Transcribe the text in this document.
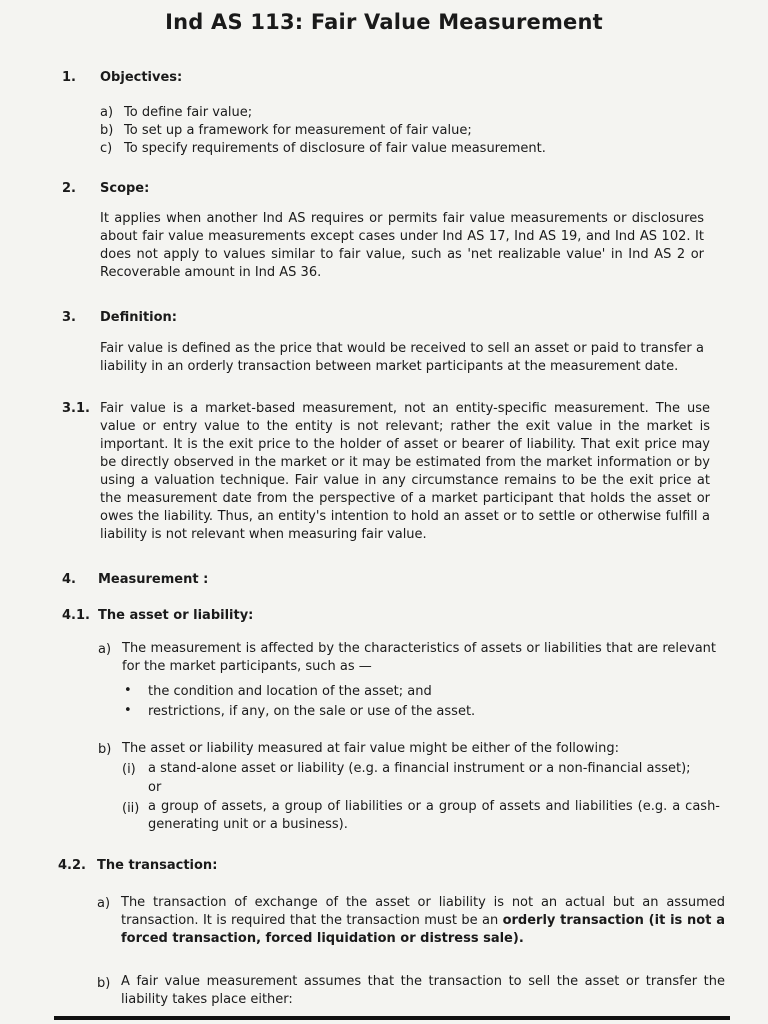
Ind AS 113: Fair Value Measurement
1. Objectives:
a) To define fair value;
b) To set up a framework for measurement of fair value;
c) To specify requirements of disclosure of fair value measurement.
2. Scope:
It applies when another Ind AS requires or permits fair value measurements or disclosures about fair value measurements except cases under Ind AS 17, Ind AS 19, and Ind AS 102. It does not apply to values similar to fair value, such as 'net realizable value' in Ind AS 2 or Recoverable amount in Ind AS 36.
3. Definition:
Fair value is defined as the price that would be received to sell an asset or paid to transfer a liability in an orderly transaction between market participants at the measurement date.
3.1. Fair value is a market-based measurement, not an entity-specific measurement. The use value or entry value to the entity is not relevant; rather the exit value in the market is important. It is the exit price to the holder of asset or bearer of liability. That exit price may be directly observed in the market or it may be estimated from the market information or by using a valuation technique. Fair value in any circumstance remains to be the exit price at the measurement date from the perspective of a market participant that holds the asset or owes the liability. Thus, an entity's intention to hold an asset or to settle or otherwise fulfill a liability is not relevant when measuring fair value.
4. Measurement :
4.1. The asset or liability:
a) The measurement is affected by the characteristics of assets or liabilities that are relevant for the market participants, such as —
• the condition and location of the asset; and
• restrictions, if any, on the sale or use of the asset.
b) The asset or liability measured at fair value might be either of the following:
(i) a stand-alone asset or liability (e.g. a financial instrument or a non-financial asset);
or
(ii) a group of assets, a group of liabilities or a group of assets and liabilities (e.g. a cash-generating unit or a business).
4.2. The transaction:
a) The transaction of exchange of the asset or liability is not an actual but an assumed transaction. It is required that the transaction must be an orderly transaction (it is not a forced transaction, forced liquidation or distress sale).
b) A fair value measurement assumes that the transaction to sell the asset or transfer the liability takes place either:
